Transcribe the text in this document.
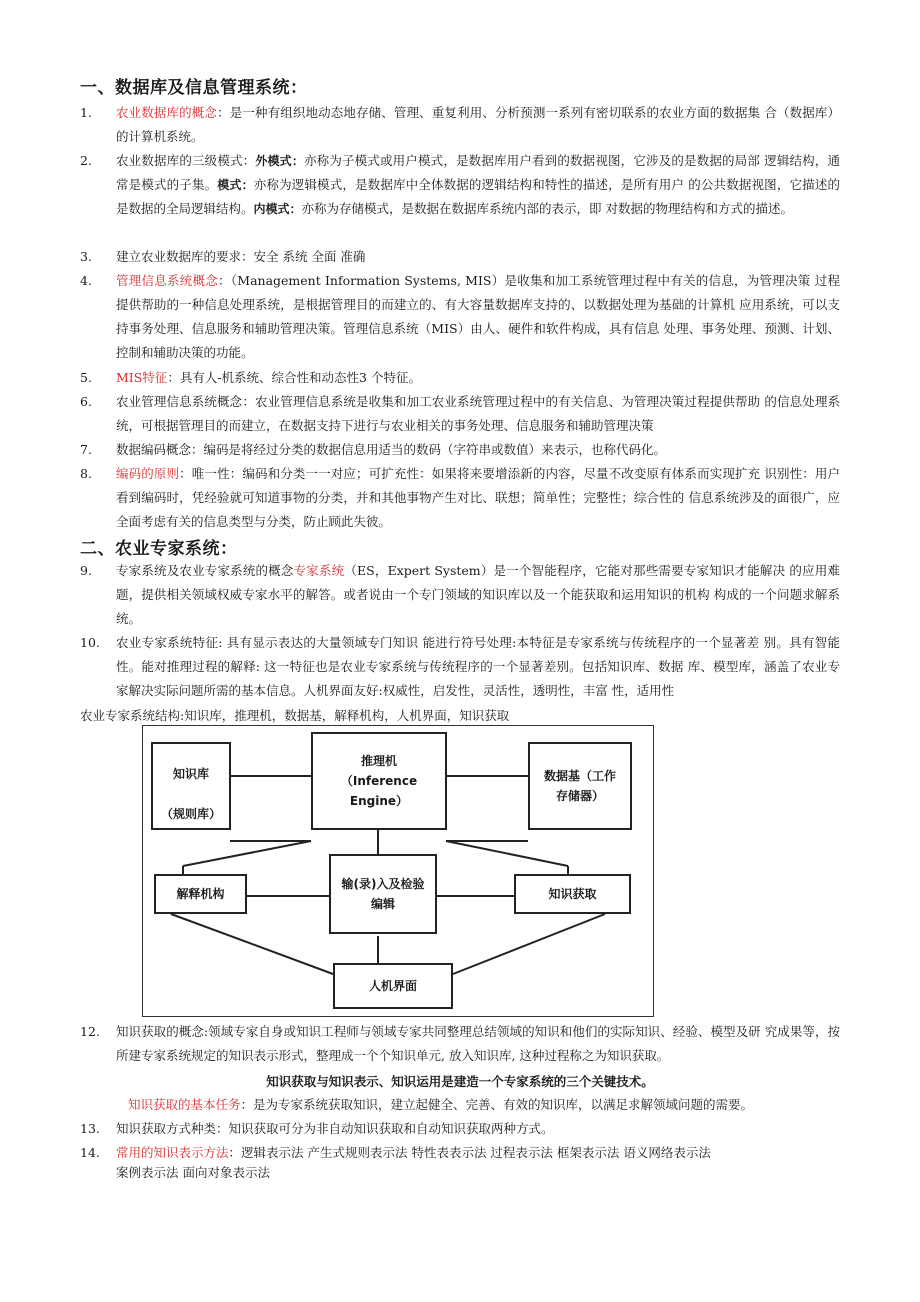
一、数据库及信息管理系统：
1. 农业数据库的概念：是一种有组织地动态地存储、管理、重复利用、分析预测一系列有密切联系的农业方面的数据集 合（数据库）的计算机系统。
2. 农业数据库的三级模式：外模式：亦称为子模式或用户模式，是数据库用户看到的数据视图，它涉及的是数据的局部 逻辑结构，通常是模式的子集。模式：亦称为逻辑模式，是数据库中全体数据的逻辑结构和特性的描述，是所有用户 的公共数据视图，它描述的是数据的全局逻辑结构。内模式：亦称为存储模式，是数据在数据库系统内部的表示，即 对数据的物理结构和方式的描述。
3. 建立农业数据库的要求：安全 系统 全面 准确
4. 管理信息系统概念：（Management Information Systems, MIS）是收集和加工系统管理过程中有关的信息，为管理决策 过程提供帮助的一种信息处理系统，是根据管理目的而建立的、有大容量数据库支持的、以数据处理为基础的计算机 应用系统，可以支持事务处理、信息服务和辅助管理决策。管理信息系统（MIS）由人、硬件和软件构成，具有信息 处理、事务处理、预测、计划、控制和辅助决策的功能。
5. MIS特征：具有人-机系统、综合性和动态性3 个特征。
6. 农业管理信息系统概念：农业管理信息系统是收集和加工农业系统管理过程中的有关信息、为管理决策过程提供帮助 的信息处理系统，可根据管理目的而建立，在数据支持下进行与农业相关的事务处理、信息服务和辅助管理决策
7. 数据编码概念：编码是将经过分类的数据信息用适当的数码（字符串或数值）来表示，也称代码化。
8. 编码的原则：唯一性：编码和分类一一对应；可扩充性：如果将来要增添新的内容，尽量不改变原有体系而实现扩充 识别性：用户看到编码时，凭经验就可知道事物的分类，并和其他事物产生对比、联想；简单性；完整性；综合性的 信息系统涉及的面很广，应全面考虑有关的信息类型与分类，防止顾此失彼。
二、农业专家系统：
9. 专家系统及农业专家系统的概念专家系统（ES，Expert System）是一个智能程序，它能对那些需要专家知识才能解决 的应用难题，提供相关领域权威专家水平的解答。或者说由一个专门领域的知识库以及一个能获取和运用知识的机构 构成的一个问题求解系统。
10. 农业专家系统特征: 具有显示表达的大量领域专门知识 能进行符号处理:本特征是专家系统与传统程序的一个显著差 别。具有智能性。能对推理过程的解释: 这一特征也是农业专家系统与传统程序的一个显著差别。包括知识库、数据 库、模型库，涵盖了农业专家解决实际问题所需的基本信息。人机界面友好:权威性，启发性，灵活性，透明性，丰富 性，适用性
农业专家系统结构:知识库，推理机，数据基，解释机构，人机界面，知识获取
知识库
（规则库）
推理机
（Inference
Engine）
数据基（工作存储器）
解释机构
输(录)入及检验编辑
知识获取
人机界面
12. 知识获取的概念:领域专家自身或知识工程师与领域专家共同整理总结领域的知识和他们的实际知识、经验、模型及研 究成果等，按所建专家系统规定的知识表示形式，整理成一个个知识单元, 放入知识库, 这种过程称之为知识获取。
知识获取与知识表示、知识运用是建造一个专家系统的三个关键技术。
知识获取的基本任务：是为专家系统获取知识，建立起健全、完善、有效的知识库，以满足求解领域问题的需要。
13. 知识获取方式种类：知识获取可分为非自动知识获取和自动知识获取两种方式。
14. 常用的知识表示方法：逻辑表示法 产生式规则表示法 特性表表示法 过程表示法 框架表示法 语义网络表示法
案例表示法 面向对象表示法
